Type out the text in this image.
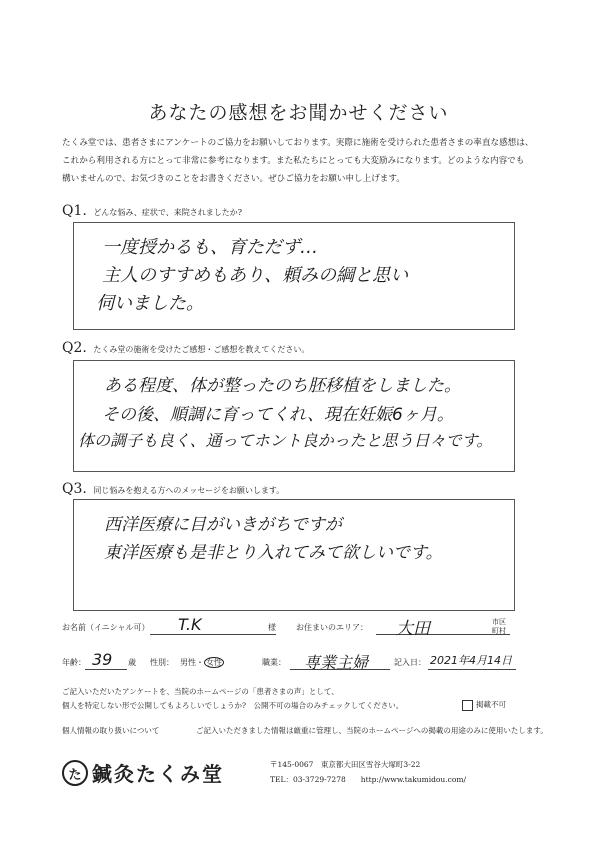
あなたの感想をお聞かせください
たくみ堂では、患者さまにアンケートのご協力をお願いしております。実際に施術を受けられた患者さまの率直な感想は、
これから利用される方にとって非常に参考になります。また私たちにとっても大変励みになります。どのような内容でも
構いませんので、お気づきのことをお書きください。ぜひご協力をお願い申し上げます。
Q1. どんな悩み、症状で、来院されましたか?
一度授かるも、育ただず…
主人のすすめもあり、頼みの綱と思い
伺いました。
Q2. たくみ堂の施術を受けたご感想・ご感想を教えてください。
ある程度、体が整ったのち胚移植をしました。
その後、順調に育ってくれ、現在妊娠6ヶ月。
体の調子も良く、通ってホント良かったと思う日々です。
Q3. 同じ悩みを抱える方へのメッセージをお願いします。
西洋医療に目がいきがちですが
東洋医療も是非とり入れてみて欲しいです。
お名前（イニシャル可） T.K	様	お住まいのエリア： 大田	市区町村
年齢： 39 歳 性別： 男性・ 女性	職業： 専業主婦	記入日： 2021年4月14日
ご記入いただいたアンケートを、当院のホームページの「患者さまの声」として、
個人を特定しない形で公開してもよろしいでしょうか?　公開不可の場合のみチェックしてください。	掲載不可
個人情報の取り扱いについて	ご記入いただきました情報は厳重に管理し、当院のホームページへの掲載の用途のみに使用いたします。
た 鍼灸たくみ堂	〒145-0067　東京都大田区雪谷大塚町3-22
TEL：03-3729-7278　　http://www.takumidou.com/
